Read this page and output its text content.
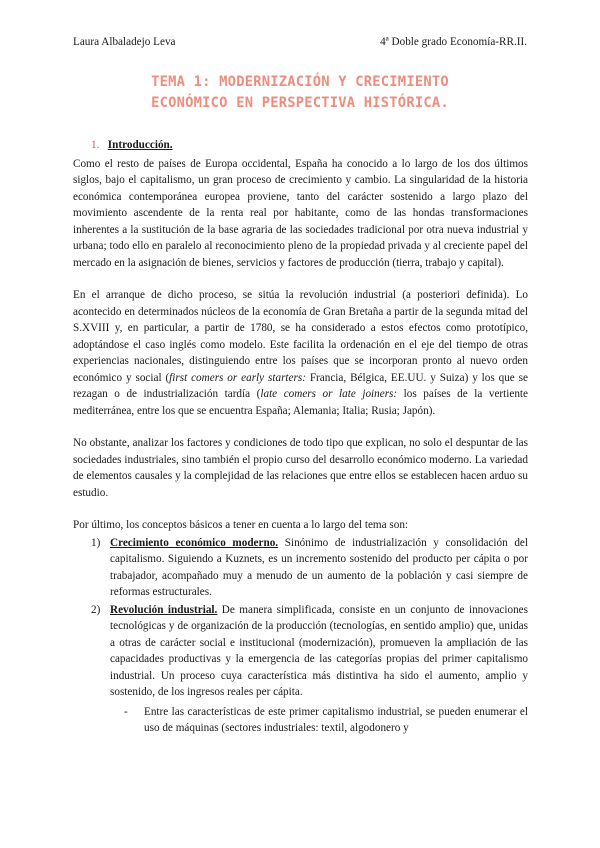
Laura Albaladejo Leva	4ª Doble grado Economía-RR.II.
TEMA 1: MODERNIZACIÓN Y CRECIMIENTO
ECONÓMICO EN PERSPECTIVA HISTÓRICA.
1. Introducción.

Como el resto de países de Europa occidental, España ha conocido a lo largo de los dos últimos siglos, bajo el capitalismo, un gran proceso de crecimiento y cambio. La singularidad de la historia económica contemporánea europea proviene, tanto del carácter sostenido a largo plazo del movimiento ascendente de la renta real por habitante, como de las hondas transformaciones inherentes a la sustitución de la base agraria de las sociedades tradicional por otra nueva industrial y urbana; todo ello en paralelo al reconocimiento pleno de la propiedad privada y al creciente papel del mercado en la asignación de bienes, servicios y factores de producción (tierra, trabajo y capital).

En el arranque de dicho proceso, se sitúa la revolución industrial (a posteriori definida). Lo acontecido en determinados núcleos de la economía de Gran Bretaña a partir de la segunda mitad del S.XVIII y, en particular, a partir de 1780, se ha considerado a estos efectos como prototípico, adoptándose el caso inglés como modelo. Este facilita la ordenación en el eje del tiempo de otras experiencias nacionales, distinguiendo entre los países que se incorporan pronto al nuevo orden económico y social (first comers or early starters: Francia, Bélgica, EE.UU. y Suiza) y los que se rezagan o de industrialización tardía (late comers or late joiners: los países de la vertiente mediterránea, entre los que se encuentra España; Alemania; Italia; Rusia; Japón).

No obstante, analizar los factores y condiciones de todo tipo que explican, no solo el despuntar de las sociedades industriales, sino también el propio curso del desarrollo económico moderno. La variedad de elementos causales y la complejidad de las relaciones que entre ellos se establecen hacen arduo su estudio.

Por último, los conceptos básicos a tener en cuenta a lo largo del tema son:

1) Crecimiento económico moderno. Sinónimo de industrialización y consolidación del capitalismo. Siguiendo a Kuznets, es un incremento sostenido del producto per cápita o por trabajador, acompañado muy a menudo de un aumento de la población y casi siempre de reformas estructurales.
2) Revolución industrial. De manera simplificada, consiste en un conjunto de innovaciones tecnológicas y de organización de la producción (tecnologías, en sentido amplio) que, unidas a otras de carácter social e institucional (modernización), promueven la ampliación de las capacidades productivas y la emergencia de las categorías propias del primer capitalismo industrial. Un proceso cuya característica más distintiva ha sido el aumento, amplio y sostenido, de los ingresos reales per cápita.
- Entre las características de este primer capitalismo industrial, se pueden enumerar el uso de máquinas (sectores industriales: textil, algodonero y
